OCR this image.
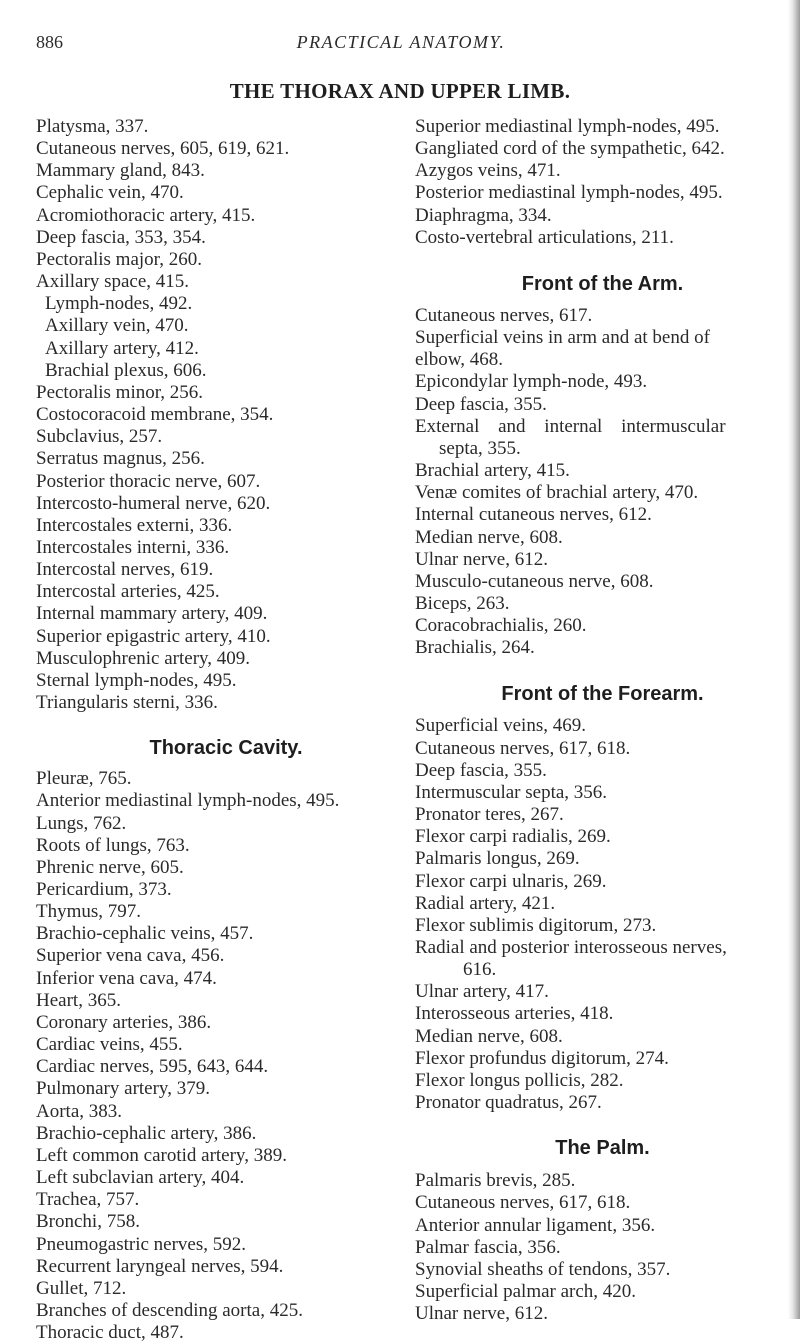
886	PRACTICAL ANATOMY.
THE THORAX AND UPPER LIMB.
Platysma, 337.
Cutaneous nerves, 605, 619, 621.
Mammary gland, 843.
Cephalic vein, 470.
Acromiothoracic artery, 415.
Deep fascia, 353, 354.
Pectoralis major, 260.
Axillary space, 415.
Lymph-nodes, 492.
Axillary vein, 470.
Axillary artery, 412.
Brachial plexus, 606.
Pectoralis minor, 256.
Costocoracoid membrane, 354.
Subclavius, 257.
Serratus magnus, 256.
Posterior thoracic nerve, 607.
Intercosto-humeral nerve, 620.
Intercostales externi, 336.
Intercostales interni, 336.
Intercostal nerves, 619.
Intercostal arteries, 425.
Internal mammary artery, 409.
Superior epigastric artery, 410.
Musculophrenic artery, 409.
Sternal lymph-nodes, 495.
Triangularis sterni, 336.
Thoracic Cavity.
Pleuræ, 765.
Anterior mediastinal lymph-nodes, 495.
Lungs, 762.
Roots of lungs, 763.
Phrenic nerve, 605.
Pericardium, 373.
Thymus, 797.
Brachio-cephalic veins, 457.
Superior vena cava, 456.
Inferior vena cava, 474.
Heart, 365.
Coronary arteries, 386.
Cardiac veins, 455.
Cardiac nerves, 595, 643, 644.
Pulmonary artery, 379.
Aorta, 383.
Brachio-cephalic artery, 386.
Left common carotid artery, 389.
Left subclavian artery, 404.
Trachea, 757.
Bronchi, 758.
Pneumogastric nerves, 592.
Recurrent laryngeal nerves, 594.
Gullet, 712.
Branches of descending aorta, 425.
Thoracic duct, 487.
Superior mediastinal lymph-nodes, 495.
Gangliated cord of the sympathetic, 642.
Azygos veins, 471.
Posterior mediastinal lymph-nodes, 495.
Diaphragma, 334.
Costo-vertebral articulations, 211.
Front of the Arm.
Cutaneous nerves, 617.
Superficial veins in arm and at bend of
elbow, 468.
Epicondylar lymph-node, 493.
Deep fascia, 355.
External and internal intermuscular
septa, 355.
Brachial artery, 415.
Venæ comites of brachial artery, 470.
Internal cutaneous nerves, 612.
Median nerve, 608.
Ulnar nerve, 612.
Musculo-cutaneous nerve, 608.
Biceps, 263.
Coracobrachialis, 260.
Brachialis, 264.
Front of the Forearm.
Superficial veins, 469.
Cutaneous nerves, 617, 618.
Deep fascia, 355.
Intermuscular septa, 356.
Pronator teres, 267.
Flexor carpi radialis, 269.
Palmaris longus, 269.
Flexor carpi ulnaris, 269.
Radial artery, 421.
Flexor sublimis digitorum, 273.
Radial and posterior interosseous nerves,
616.
Ulnar artery, 417.
Interosseous arteries, 418.
Median nerve, 608.
Flexor profundus digitorum, 274.
Flexor longus pollicis, 282.
Pronator quadratus, 267.
The Palm.
Palmaris brevis, 285.
Cutaneous nerves, 617, 618.
Anterior annular ligament, 356.
Palmar fascia, 356.
Synovial sheaths of tendons, 357.
Superficial palmar arch, 420.
Ulnar nerve, 612.
